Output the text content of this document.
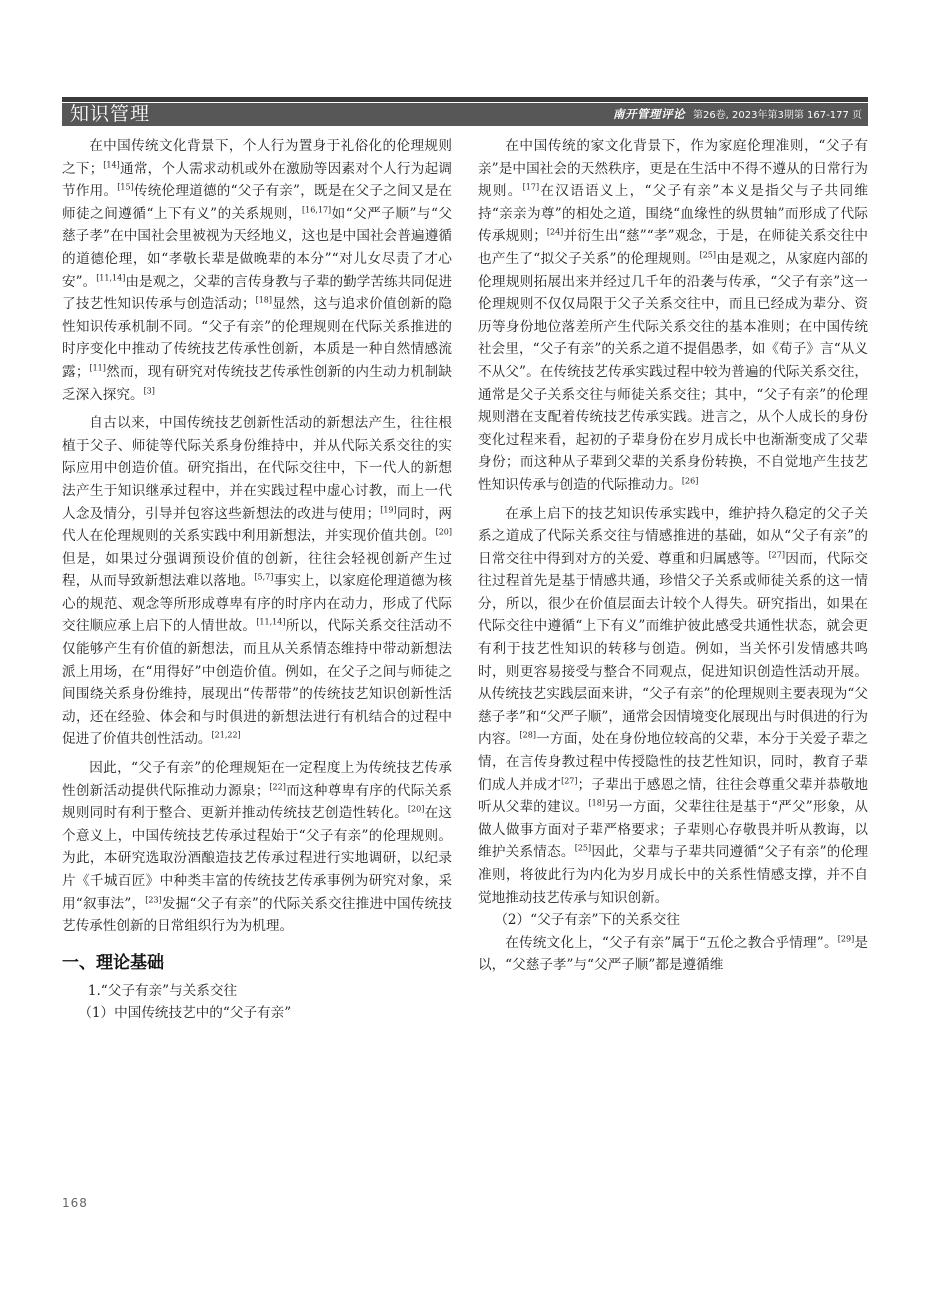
知识管理	南开管理评论 第26卷, 2023年第3期第 167-177 页

在中国传统文化背景下，个人行为置身于礼俗化的伦理规则之下；[14]通常，个人需求动机或外在激励等因素对个人行为起调节作用。[15]传统伦理道德的“父子有亲”，既是在父子之间又是在师徒之间遵循“上下有义”的关系规则，[16,17]如“父严子顺”与“父慈子孝”在中国社会里被视为天经地义，这也是中国社会普遍遵循的道德伦理，如“孝敬长辈是做晚辈的本分”“对儿女尽责了才心安”。[11,14]由是观之，父辈的言传身教与子辈的勤学苦练共同促进了技艺性知识传承与创造活动；[18]显然，这与追求价值创新的隐性知识传承机制不同。“父子有亲”的伦理规则在代际关系推进的时序变化中推动了传统技艺传承性创新，本质是一种自然情感流露；[11]然而，现有研究对传统技艺传承性创新的内生动力机制缺乏深入探究。[3]

自古以来，中国传统技艺创新性活动的新想法产生，往往根植于父子、师徒等代际关系身份维持中，并从代际关系交往的实际应用中创造价值。研究指出，在代际交往中，下一代人的新想法产生于知识继承过程中，并在实践过程中虚心讨教，而上一代人念及情分，引导并包容这些新想法的改进与使用；[19]同时，两代人在伦理规则的关系实践中利用新想法，并实现价值共创。[20]但是，如果过分强调预设价值的创新，往往会轻视创新产生过程，从而导致新想法难以落地。[5,7]事实上，以家庭伦理道德为核心的规范、观念等所形成尊卑有序的时序内在动力，形成了代际交往顺应承上启下的人情世故。[11,14]所以，代际关系交往活动不仅能够产生有价值的新想法，而且从关系情态维持中带动新想法派上用场，在“用得好”中创造价值。例如，在父子之间与师徒之间围绕关系身份维持，展现出“传帮带”的传统技艺知识创新性活动，还在经验、体会和与时俱进的新想法进行有机结合的过程中促进了价值共创性活动。[21,22]

因此，“父子有亲”的伦理规矩在一定程度上为传统技艺传承性创新活动提供代际推动力源泉；[22]而这种尊卑有序的代际关系规则同时有利于整合、更新并推动传统技艺创造性转化。[20]在这个意义上，中国传统技艺传承过程始于“父子有亲”的伦理规则。为此，本研究选取汾酒酿造技艺传承过程进行实地调研，以纪录片《千城百匠》中种类丰富的传统技艺传承事例为研究对象，采用“叙事法”，[23]发掘“父子有亲”的代际关系交往推进中国传统技艺传承性创新的日常组织行为为机理。

一、理论基础

1.“父子有亲”与关系交往

（1）中国传统技艺中的“父子有亲”

在中国传统的家文化背景下，作为家庭伦理准则，“父子有亲”是中国社会的天然秩序，更是在生活中不得不遵从的日常行为规则。[17]在汉语语义上，“父子有亲”本义是指父与子共同维持“亲亲为尊”的相处之道，围绕“血缘性的纵贯轴”而形成了代际传承规则；[24]并衍生出“慈”“孝”观念，于是，在师徒关系交往中也产生了“拟父子关系”的伦理规则。[25]由是观之，从家庭内部的伦理规则拓展出来并经过几千年的沿袭与传承，“父子有亲”这一伦理规则不仅仅局限于父子关系交往中，而且已经成为辈分、资历等身份地位落差所产生代际关系交往的基本准则；在中国传统社会里，“父子有亲”的关系之道不提倡愚孝，如《荀子》言“从义不从父”。在传统技艺传承实践过程中较为普遍的代际关系交往，通常是父子关系交往与师徒关系交往；其中，“父子有亲”的伦理规则潜在支配着传统技艺传承实践。进言之，从个人成长的身份变化过程来看，起初的子辈身份在岁月成长中也渐渐变成了父辈身份；而这种从子辈到父辈的关系身份转换，不自觉地产生技艺性知识传承与创造的代际推动力。[26]

在承上启下的技艺知识传承实践中，维护持久稳定的父子关系之道成了代际关系交往与情感推进的基础，如从“父子有亲”的日常交往中得到对方的关爱、尊重和归属感等。[27]因而，代际交往过程首先是基于情感共通，珍惜父子关系或师徒关系的这一情分，所以，很少在价值层面去计较个人得失。研究指出，如果在代际交往中遵循“上下有义”而维护彼此感受共通性状态，就会更有利于技艺性知识的转移与创造。例如，当关怀引发情感共鸣时，则更容易接受与整合不同观点，促进知识创造性活动开展。从传统技艺实践层面来讲，“父子有亲”的伦理规则主要表现为“父慈子孝”和“父严子顺”，通常会因情境变化展现出与时俱进的行为内容。[28]一方面，处在身份地位较高的父辈，本分于关爱子辈之情，在言传身教过程中传授隐性的技艺性知识，同时，教育子辈们成人并成才[27]；子辈出于感恩之情，往往会尊重父辈并恭敬地听从父辈的建议。[18]另一方面，父辈往往是基于“严父”形象，从做人做事方面对子辈严格要求；子辈则心存敬畏并听从教诲，以维护关系情态。[25]因此，父辈与子辈共同遵循“父子有亲”的伦理准则，将彼此行为内化为岁月成长中的关系性情感支撑，并不自觉地推动技艺传承与知识创新。

（2）“父子有亲”下的关系交往

在传统文化上，“父子有亲”属于“五伦之教合乎情理”。[29]是以，“父慈子孝”与“父严子顺”都是遵循维

168
